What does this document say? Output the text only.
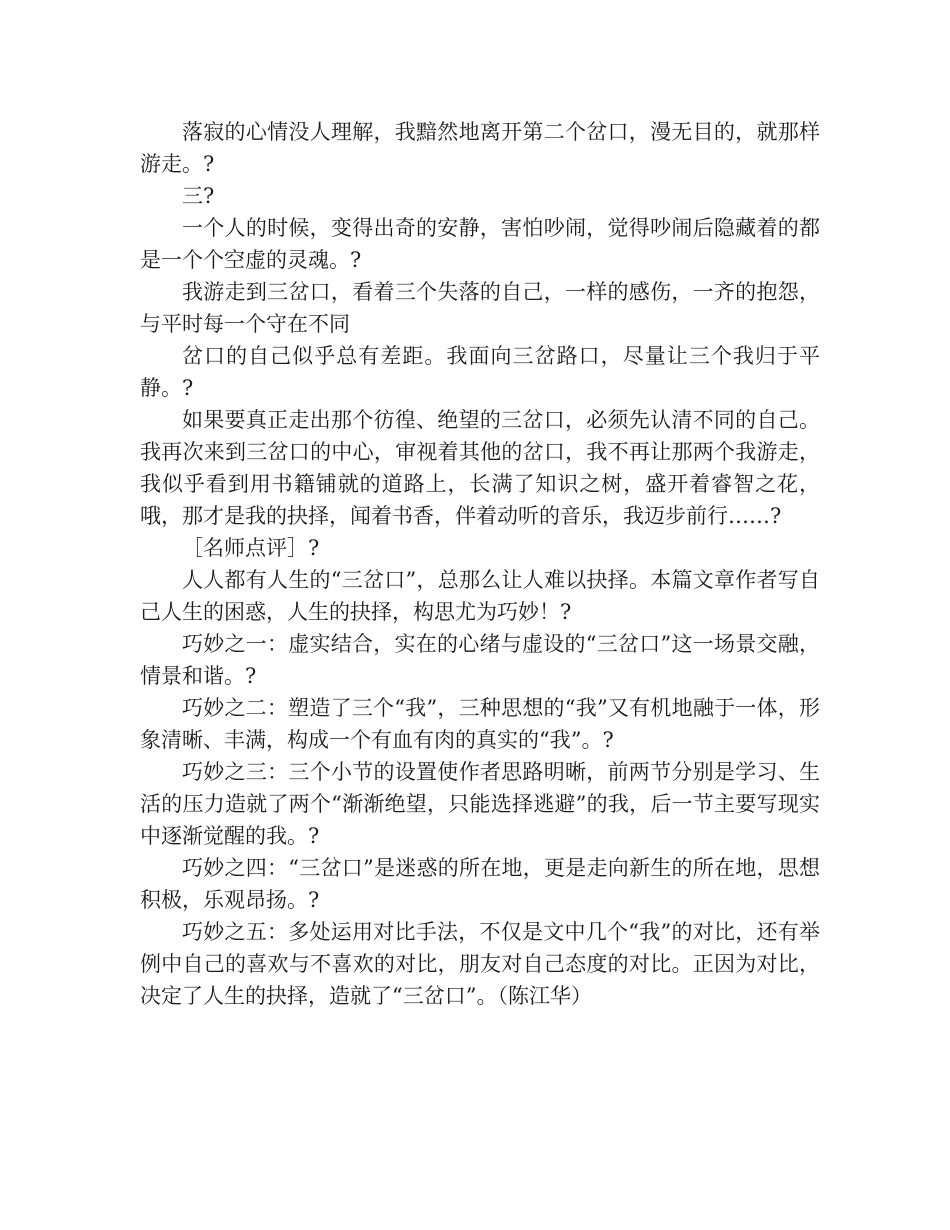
落寂的心情没人理解，我黯然地离开第二个岔口，漫无目的，就那样游走。?

三?

一个人的时候，变得出奇的安静，害怕吵闹，觉得吵闹后隐藏着的都是一个个空虚的灵魂。?

我游走到三岔口，看着三个失落的自己，一样的感伤，一齐的抱怨，与平时每一个守在不同

岔口的自己似乎总有差距。我面向三岔路口，尽量让三个我归于平静。?

如果要真正走出那个彷徨、绝望的三岔口，必须先认清不同的自己。我再次来到三岔口的中心，审视着其他的岔口，我不再让那两个我游走，我似乎看到用书籍铺就的道路上，长满了知识之树，盛开着睿智之花，哦，那才是我的抉择，闻着书香，伴着动听的音乐，我迈步前行……?

［名师点评］?

人人都有人生的“三岔口”，总那么让人难以抉择。本篇文章作者写自己人生的困惑，人生的抉择，构思尤为巧妙！?

巧妙之一：虚实结合，实在的心绪与虚设的“三岔口”这一场景交融，情景和谐。?

巧妙之二：塑造了三个“我”，三种思想的“我”又有机地融于一体，形象清晰、丰满，构成一个有血有肉的真实的“我”。?

巧妙之三：三个小节的设置使作者思路明晰，前两节分别是学习、生活的压力造就了两个“渐渐绝望，只能选择逃避”的我，后一节主要写现实中逐渐觉醒的我。?

巧妙之四：“三岔口”是迷惑的所在地，更是走向新生的所在地，思想积极，乐观昂扬。?

巧妙之五：多处运用对比手法，不仅是文中几个“我”的对比，还有举例中自己的喜欢与不喜欢的对比，朋友对自己态度的对比。正因为对比，决定了人生的抉择，造就了“三岔口”。（陈江华）
